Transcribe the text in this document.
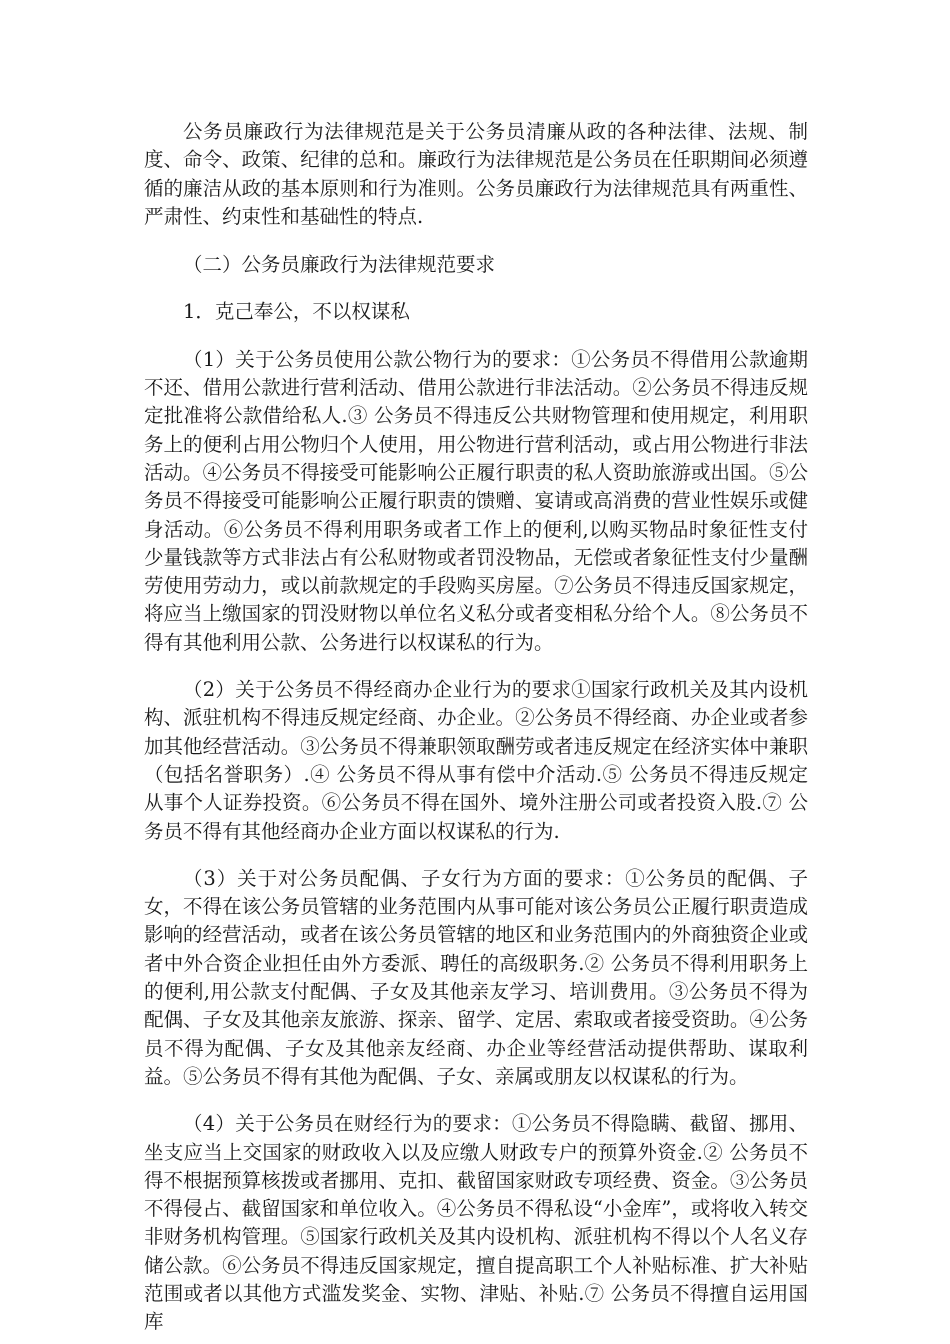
公务员廉政行为法律规范是关于公务员清廉从政的各种法律、法规、制度、命令、政策、纪律的总和。廉政行为法律规范是公务员在任职期间必须遵循的廉洁从政的基本原则和行为准则。公务员廉政行为法律规范具有两重性、严肃性、约束性和基础性的特点.

（二）公务员廉政行为法律规范要求

1．克己奉公，不以权谋私

（1）关于公务员使用公款公物行为的要求：①公务员不得借用公款逾期不还、借用公款进行营利活动、借用公款进行非法活动。②公务员不得违反规定批准将公款借给私人.③ 公务员不得违反公共财物管理和使用规定，利用职务上的便利占用公物归个人使用，用公物进行营利活动，或占用公物进行非法活动。④公务员不得接受可能影响公正履行职责的私人资助旅游或出国。⑤公务员不得接受可能影响公正履行职责的馈赠、宴请或高消费的营业性娱乐或健身活动。⑥公务员不得利用职务或者工作上的便利,以购买物品时象征性支付少量钱款等方式非法占有公私财物或者罚没物品，无偿或者象征性支付少量酬劳使用劳动力，或以前款规定的手段购买房屋。⑦公务员不得违反国家规定，将应当上缴国家的罚没财物以单位名义私分或者变相私分给个人。⑧公务员不得有其他利用公款、公务进行以权谋私的行为。

（2）关于公务员不得经商办企业行为的要求①国家行政机关及其内设机构、派驻机构不得违反规定经商、办企业。②公务员不得经商、办企业或者参加其他经营活动。③公务员不得兼职领取酬劳或者违反规定在经济实体中兼职（包括名誉职务）.④ 公务员不得从事有偿中介活动.⑤ 公务员不得违反规定从事个人证券投资。⑥公务员不得在国外、境外注册公司或者投资入股.⑦ 公务员不得有其他经商办企业方面以权谋私的行为.

（3）关于对公务员配偶、子女行为方面的要求：①公务员的配偶、子女，不得在该公务员管辖的业务范围内从事可能对该公务员公正履行职责造成影响的经营活动，或者在该公务员管辖的地区和业务范围内的外商独资企业或者中外合资企业担任由外方委派、聘任的高级职务.② 公务员不得利用职务上的便利,用公款支付配偶、子女及其他亲友学习、培训费用。③公务员不得为配偶、子女及其他亲友旅游、探亲、留学、定居、索取或者接受资助。④公务员不得为配偶、子女及其他亲友经商、办企业等经营活动提供帮助、谋取利益。⑤公务员不得有其他为配偶、子女、亲属或朋友以权谋私的行为。

（4）关于公务员在财经行为的要求：①公务员不得隐瞒、截留、挪用、坐支应当上交国家的财政收入以及应缴人财政专户的预算外资金.② 公务员不得不根据预算核拨或者挪用、克扣、截留国家财政专项经费、资金。③公务员不得侵占、截留国家和单位收入。④公务员不得私设“小金库”，或将收入转交非财务机构管理。⑤国家行政机关及其内设机构、派驻机构不得以个人名义存储公款。⑥公务员不得违反国家规定，擅自提高职工个人补贴标准、扩大补贴范围或者以其他方式滥发奖金、实物、津贴、补贴.⑦ 公务员不得擅自运用国库
